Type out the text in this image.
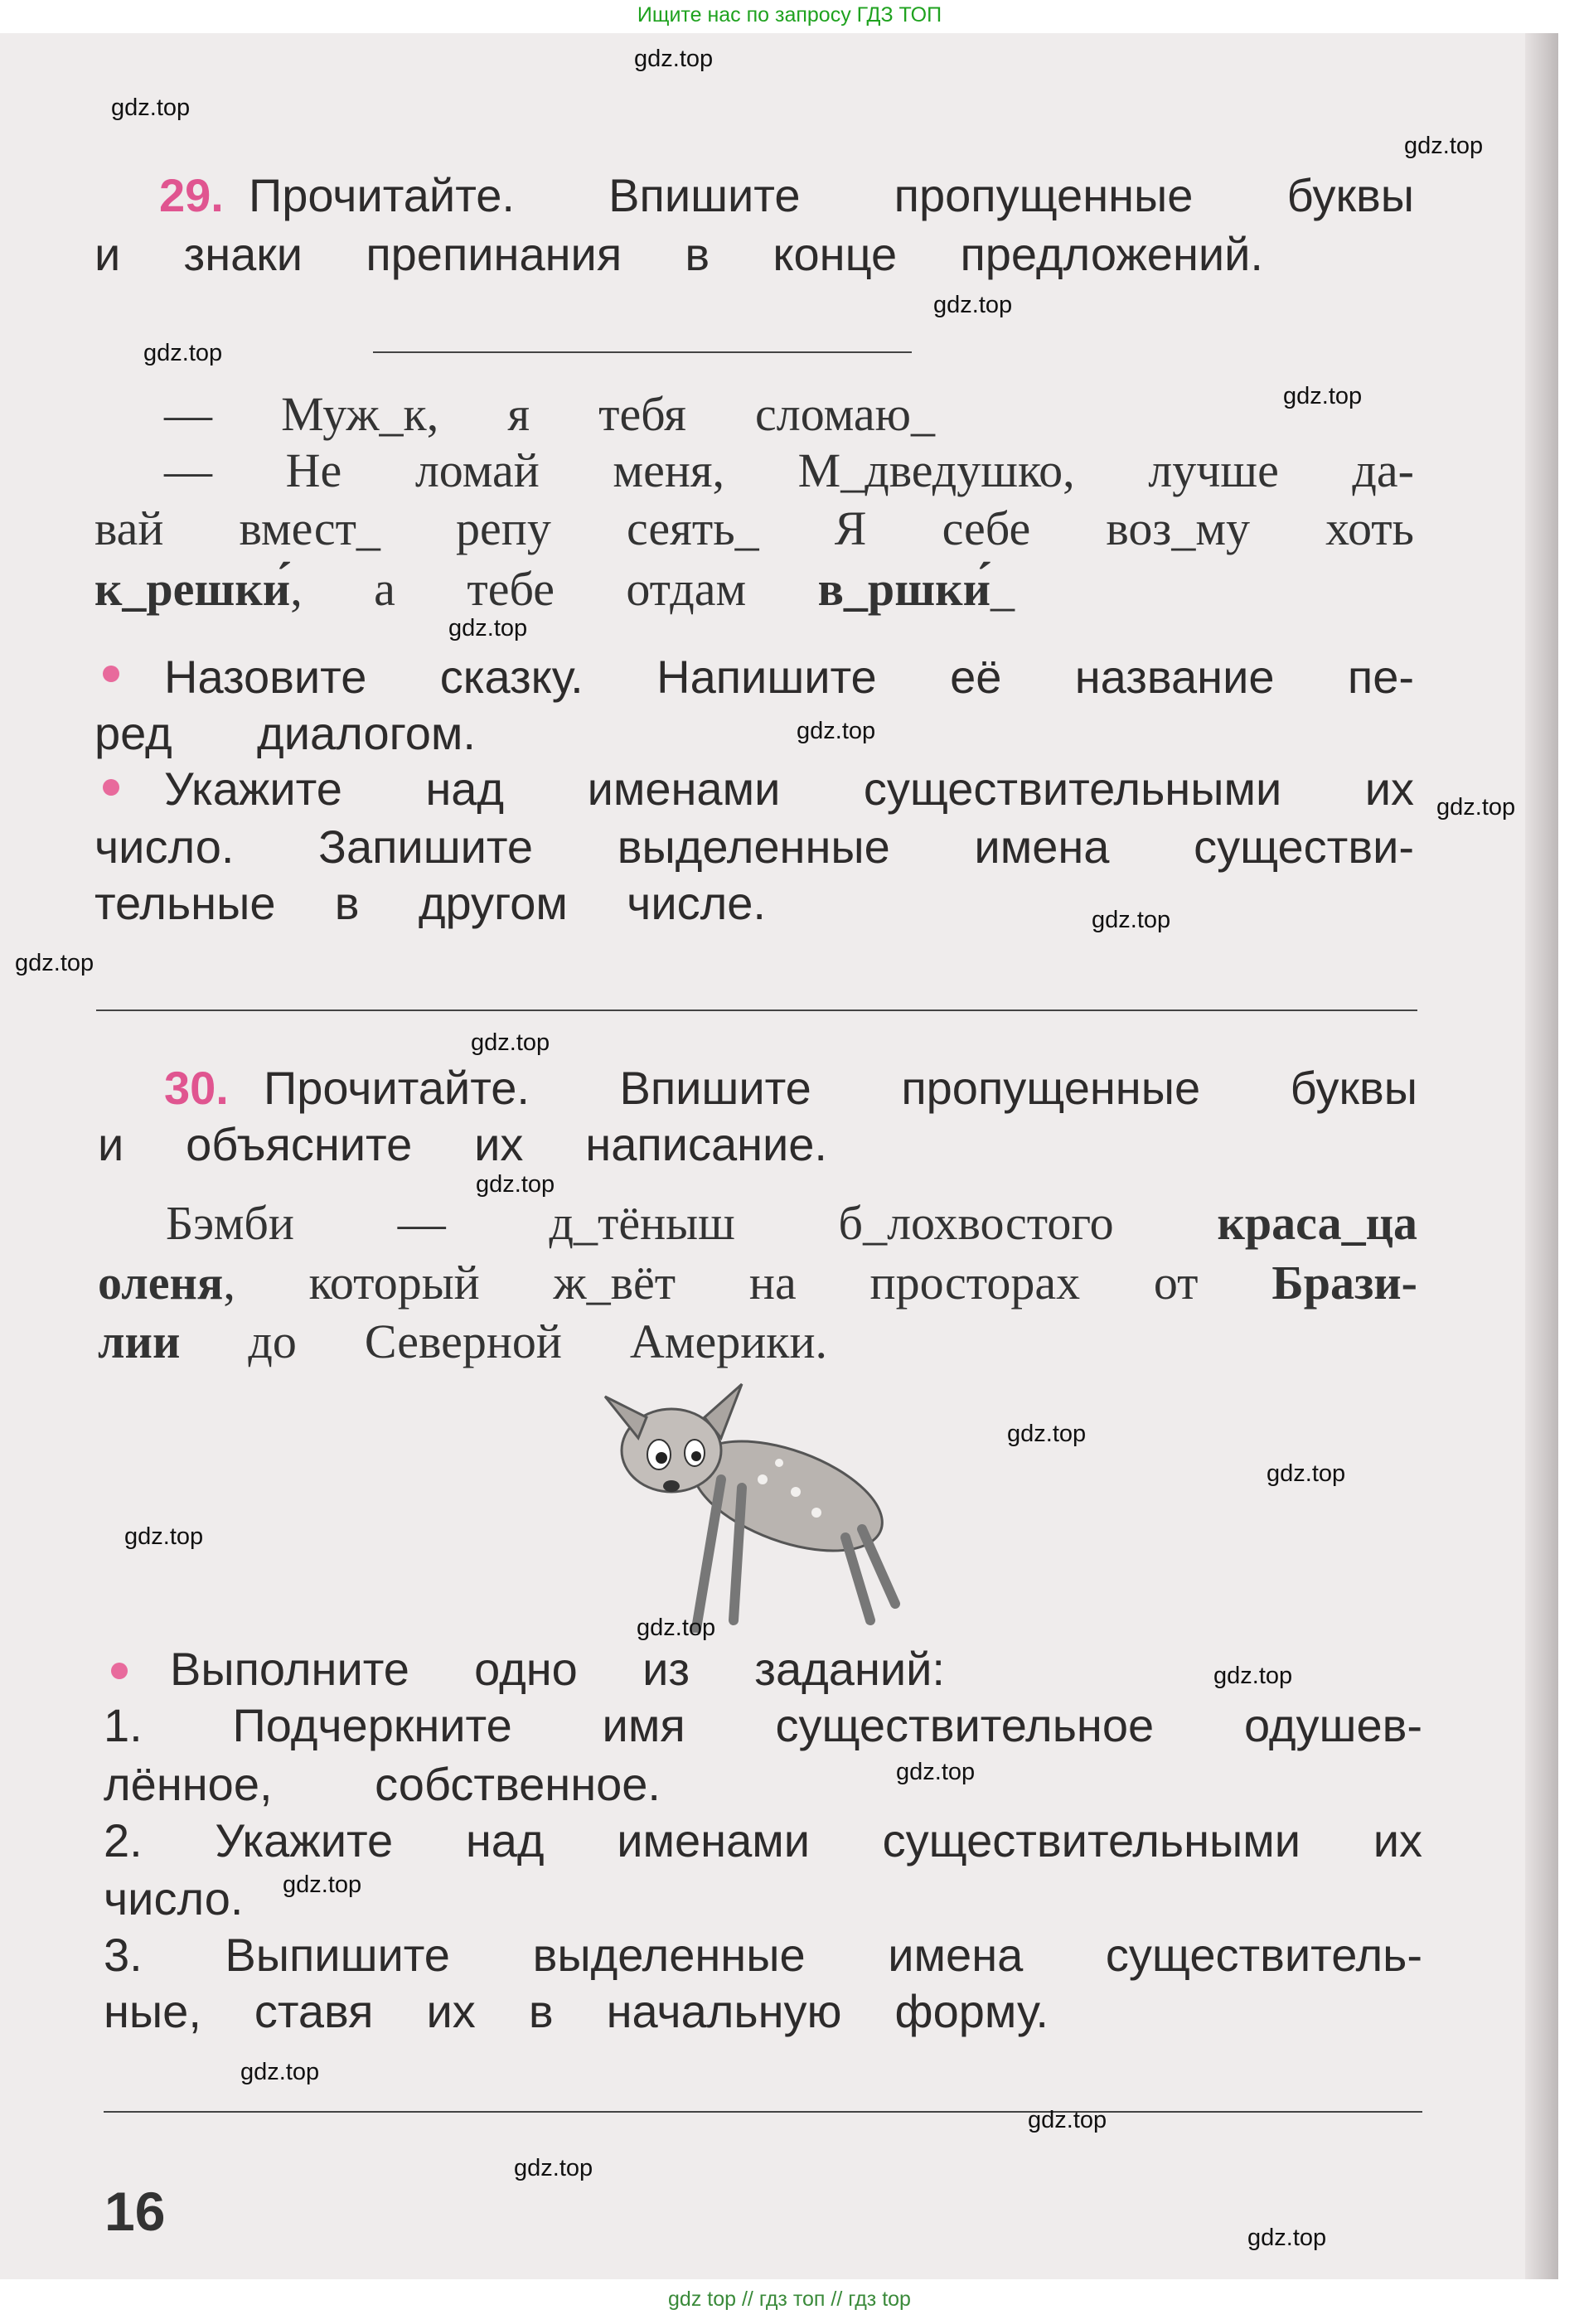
Ищите нас по запросу ГДЗ ТОП
29. Прочитайте. Впишите пропущенные буквы
и знаки препинания в конце предложений.
— Муж_к, я тебя сломаю_
— Не ломай меня, М_дведушко, лучше да-
вай вмест_ репу сеять_ Я себе воз_му хоть
к_решки́, а тебе отдам в_ршки́_
Назовите сказку. Напишите её название пе-
ред диалогом.
Укажите над именами существительными их
число. Запишите выделенные имена существи-
тельные в другом числе.
30. Прочитайте. Впишите пропущенные буквы
и объясните их написание.
Бэмби — д_тёныш б_лохвостого краса_ца
оленя, который ж_вёт на просторах от Брази-
лии до Северной Америки.
Выполните одно из заданий:
1. Подчеркните имя существительное одушев-
лённое, собственное.
2. Укажите над именами существительными их
число.
3. Выпишите выделенные имена существитель-
ные, ставя их в начальную форму.
16
gdz top // гдз топ // гдз top
gdz.top
gdz.top
gdz.top
gdz.top
gdz.top
gdz.top
gdz.top
gdz.top
gdz.top
gdz.top
gdz.top
gdz.top
gdz.top
gdz.top
gdz.top
gdz.top
gdz.top
gdz.top
gdz.top
gdz.top
gdz.top
gdz.top
gdz.top
gdz.top
